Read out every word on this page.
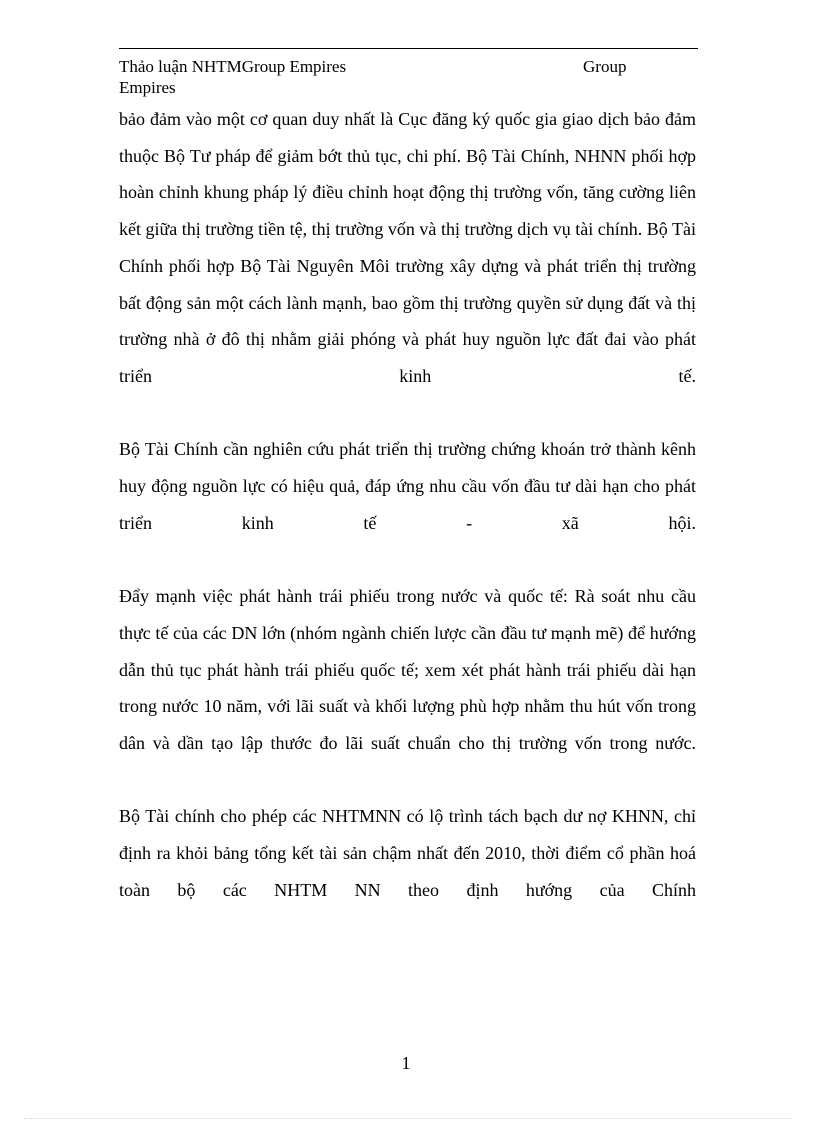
Thảo luận NHTMGroup Empires	Group
Empires

bảo đảm vào một cơ quan duy nhất là Cục đăng ký quốc gia giao dịch bảo đảm thuộc Bộ Tư pháp để giảm bớt thủ tục, chi phí. Bộ Tài Chính, NHNN phối hợp hoàn chỉnh khung pháp lý điều chỉnh hoạt động thị trường vốn, tăng cường liên kết giữa thị trường tiền tệ, thị trường vốn và thị trường dịch vụ tài chính. Bộ Tài Chính phối hợp Bộ Tài Nguyên Môi trường xây dựng và phát triển thị trường bất động sản một cách lành mạnh, bao gồm thị trường quyền sử dụng đất và thị trường nhà ở đô thị nhằm giải phóng và phát huy nguồn lực đất đai vào phát triển kinh tế.

Bộ Tài Chính cần nghiên cứu phát triển thị trường chứng khoán trở thành kênh huy động nguồn lực có hiệu quả, đáp ứng nhu cầu vốn đầu tư dài hạn cho phát triển kinh tế - xã hội.

Đẩy mạnh việc phát hành trái phiếu trong nước và quốc tế: Rà soát nhu cầu thực tế của các DN lớn (nhóm ngành chiến lược cần đầu tư mạnh mẽ) để hướng dẫn thủ tục phát hành trái phiếu quốc tế; xem xét phát hành trái phiếu dài hạn trong nước 10 năm, với lãi suất và khối lượng phù hợp nhằm thu hút vốn trong dân và dần tạo lập thước đo lãi suất chuẩn cho thị trường vốn trong nước.

Bộ Tài chính cho phép các NHTMNN có lộ trình tách bạch dư nợ KHNN, chỉ định ra khỏi bảng tổng kết tài sản chậm nhất đến 2010, thời điểm cổ phần hoá toàn bộ các NHTM NN theo định hướng của Chính

1
